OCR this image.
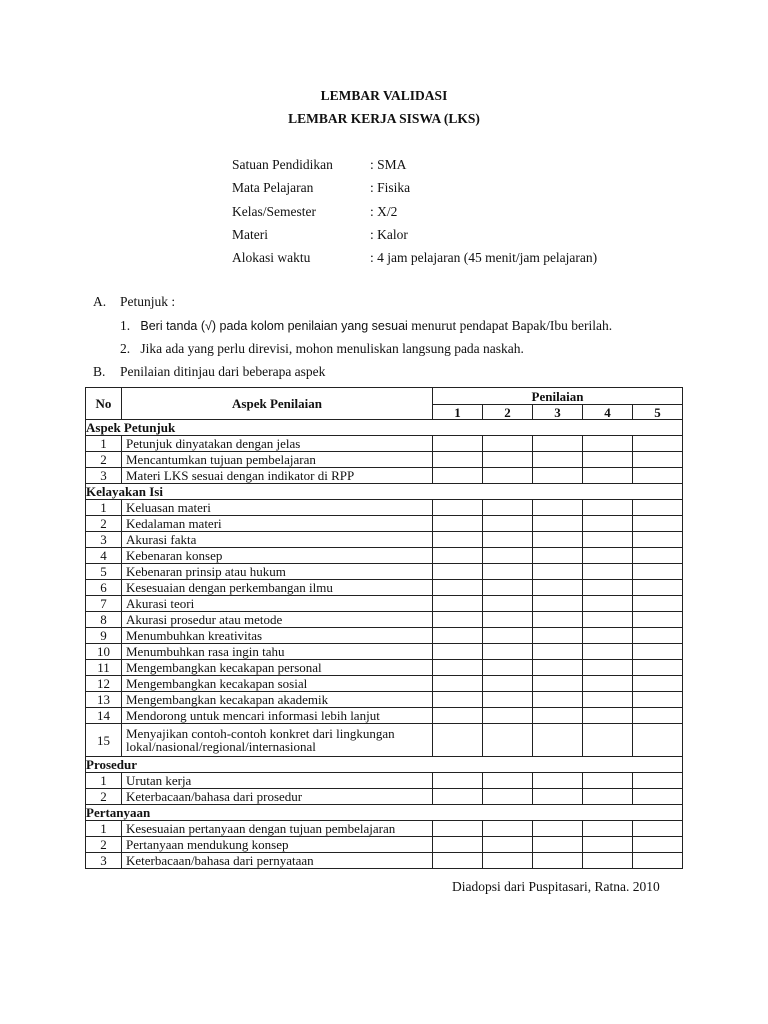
LEMBAR VALIDASI
LEMBAR KERJA SISWA (LKS)
Satuan Pendidikan	: SMA
Mata Pelajaran	: Fisika
Kelas/Semester	: X/2
Materi	: Kalor
Alokasi waktu	: 4 jam pelajaran (45 menit/jam pelajaran)
A. Petunjuk :
1. Beri tanda (√) pada kolom penilaian yang sesuai menurut pendapat Bapak/Ibu berilah.
2. Jika ada yang perlu direvisi, mohon menuliskan langsung pada naskah.
B. Penilaian ditinjau dari beberapa aspek
No	Aspek Penilaian	Penilaian				
		1	2	3	4	5
Aspek Petunjuk						
1	Petunjuk dinyatakan dengan jelas					
2	Mencantumkan tujuan pembelajaran					
3	Materi LKS sesuai dengan indikator di RPP					
Kelayakan Isi						
1	Keluasan materi					
2	Kedalaman materi					
3	Akurasi fakta					
4	Kebenaran konsep					
5	Kebenaran prinsip atau hukum					
6	Kesesuaian dengan perkembangan ilmu					
7	Akurasi teori					
8	Akurasi prosedur atau metode					
9	Menumbuhkan kreativitas					
10	Menumbuhkan rasa ingin tahu					
11	Mengembangkan kecakapan personal					
12	Mengembangkan kecakapan sosial					
13	Mengembangkan kecakapan akademik					
14	Mendorong untuk mencari informasi lebih lanjut					
15	Menyajikan contoh-contoh konkret dari lingkungan lokal/nasional/regional/internasional					
Prosedur						
1	Urutan kerja					
2	Keterbacaan/bahasa dari prosedur					
Pertanyaan						
1	Kesesuaian pertanyaan dengan tujuan pembelajaran					
2	Pertanyaan mendukung konsep					
3	Keterbacaan/bahasa dari pernyataan					
Diadopsi dari Puspitasari, Ratna. 2010
